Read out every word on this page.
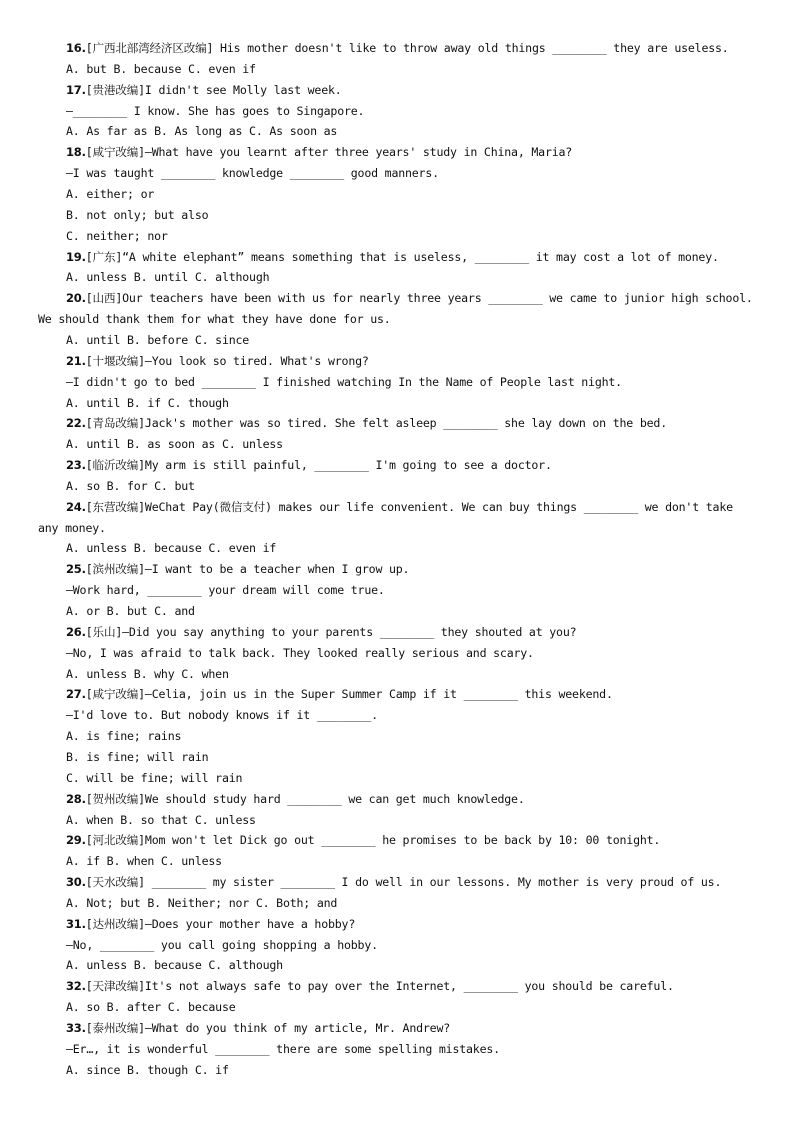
16.[广西北部湾经济区改编] His mother doesn't like to throw away old things ________ they are useless.
A. but B. because C. even if
17.[贵港改编]I didn't see Molly last week.
—________ I know. She has goes to Singapore.
A. As far as B. As long as C. As soon as
18.[咸宁改编]—What have you learnt after three years' study in China, Maria?
—I was taught ________ knowledge ________ good manners.
A. either; or
B. not only; but also
C. neither; nor
19.[广东]“A white elephant” means something that is useless, ________ it may cost a lot of money.
A. unless B. until C. although
20.[山西]Our teachers have been with us for nearly three years ________ we came to junior high school.
We should thank them for what they have done for us.
A. until B. before C. since
21.[十堰改编]—You look so tired. What's wrong?
—I didn't go to bed ________ I finished watching In the Name of People last night.
A. until B. if C. though
22.[青岛改编]Jack's mother was so tired. She felt asleep ________ she lay down on the bed.
A. until B. as soon as C. unless
23.[临沂改编]My arm is still painful, ________ I'm going to see a doctor.
A. so B. for C. but
24.[东营改编]WeChat Pay(微信支付) makes our life convenient. We can buy things ________ we don't take
any money.
A. unless B. because C. even if
25.[滨州改编]—I want to be a teacher when I grow up.
—Work hard, ________ your dream will come true.
A. or B. but C. and
26.[乐山]—Did you say anything to your parents ________ they shouted at you?
—No, I was afraid to talk back. They looked really serious and scary.
A. unless B. why C. when
27.[咸宁改编]—Celia, join us in the Super Summer Camp if it ________ this weekend.
—I'd love to. But nobody knows if it ________.
A. is fine; rains
B. is fine; will rain
C. will be fine; will rain
28.[贺州改编]We should study hard ________ we can get much knowledge.
A. when B. so that C. unless
29.[河北改编]Mom won't let Dick go out ________ he promises to be back by 10: 00 tonight.
A. if B. when C. unless
30.[天水改编] ________ my sister ________ I do well in our lessons. My mother is very proud of us.
A. Not; but B. Neither; nor C. Both; and
31.[达州改编]—Does your mother have a hobby?
—No, ________ you call going shopping a hobby.
A. unless B. because C. although
32.[天津改编]It's not always safe to pay over the Internet, ________ you should be careful.
A. so B. after C. because
33.[泰州改编]—What do you think of my article, Mr. Andrew?
—Er…, it is wonderful ________ there are some spelling mistakes.
A. since B. though C. if
